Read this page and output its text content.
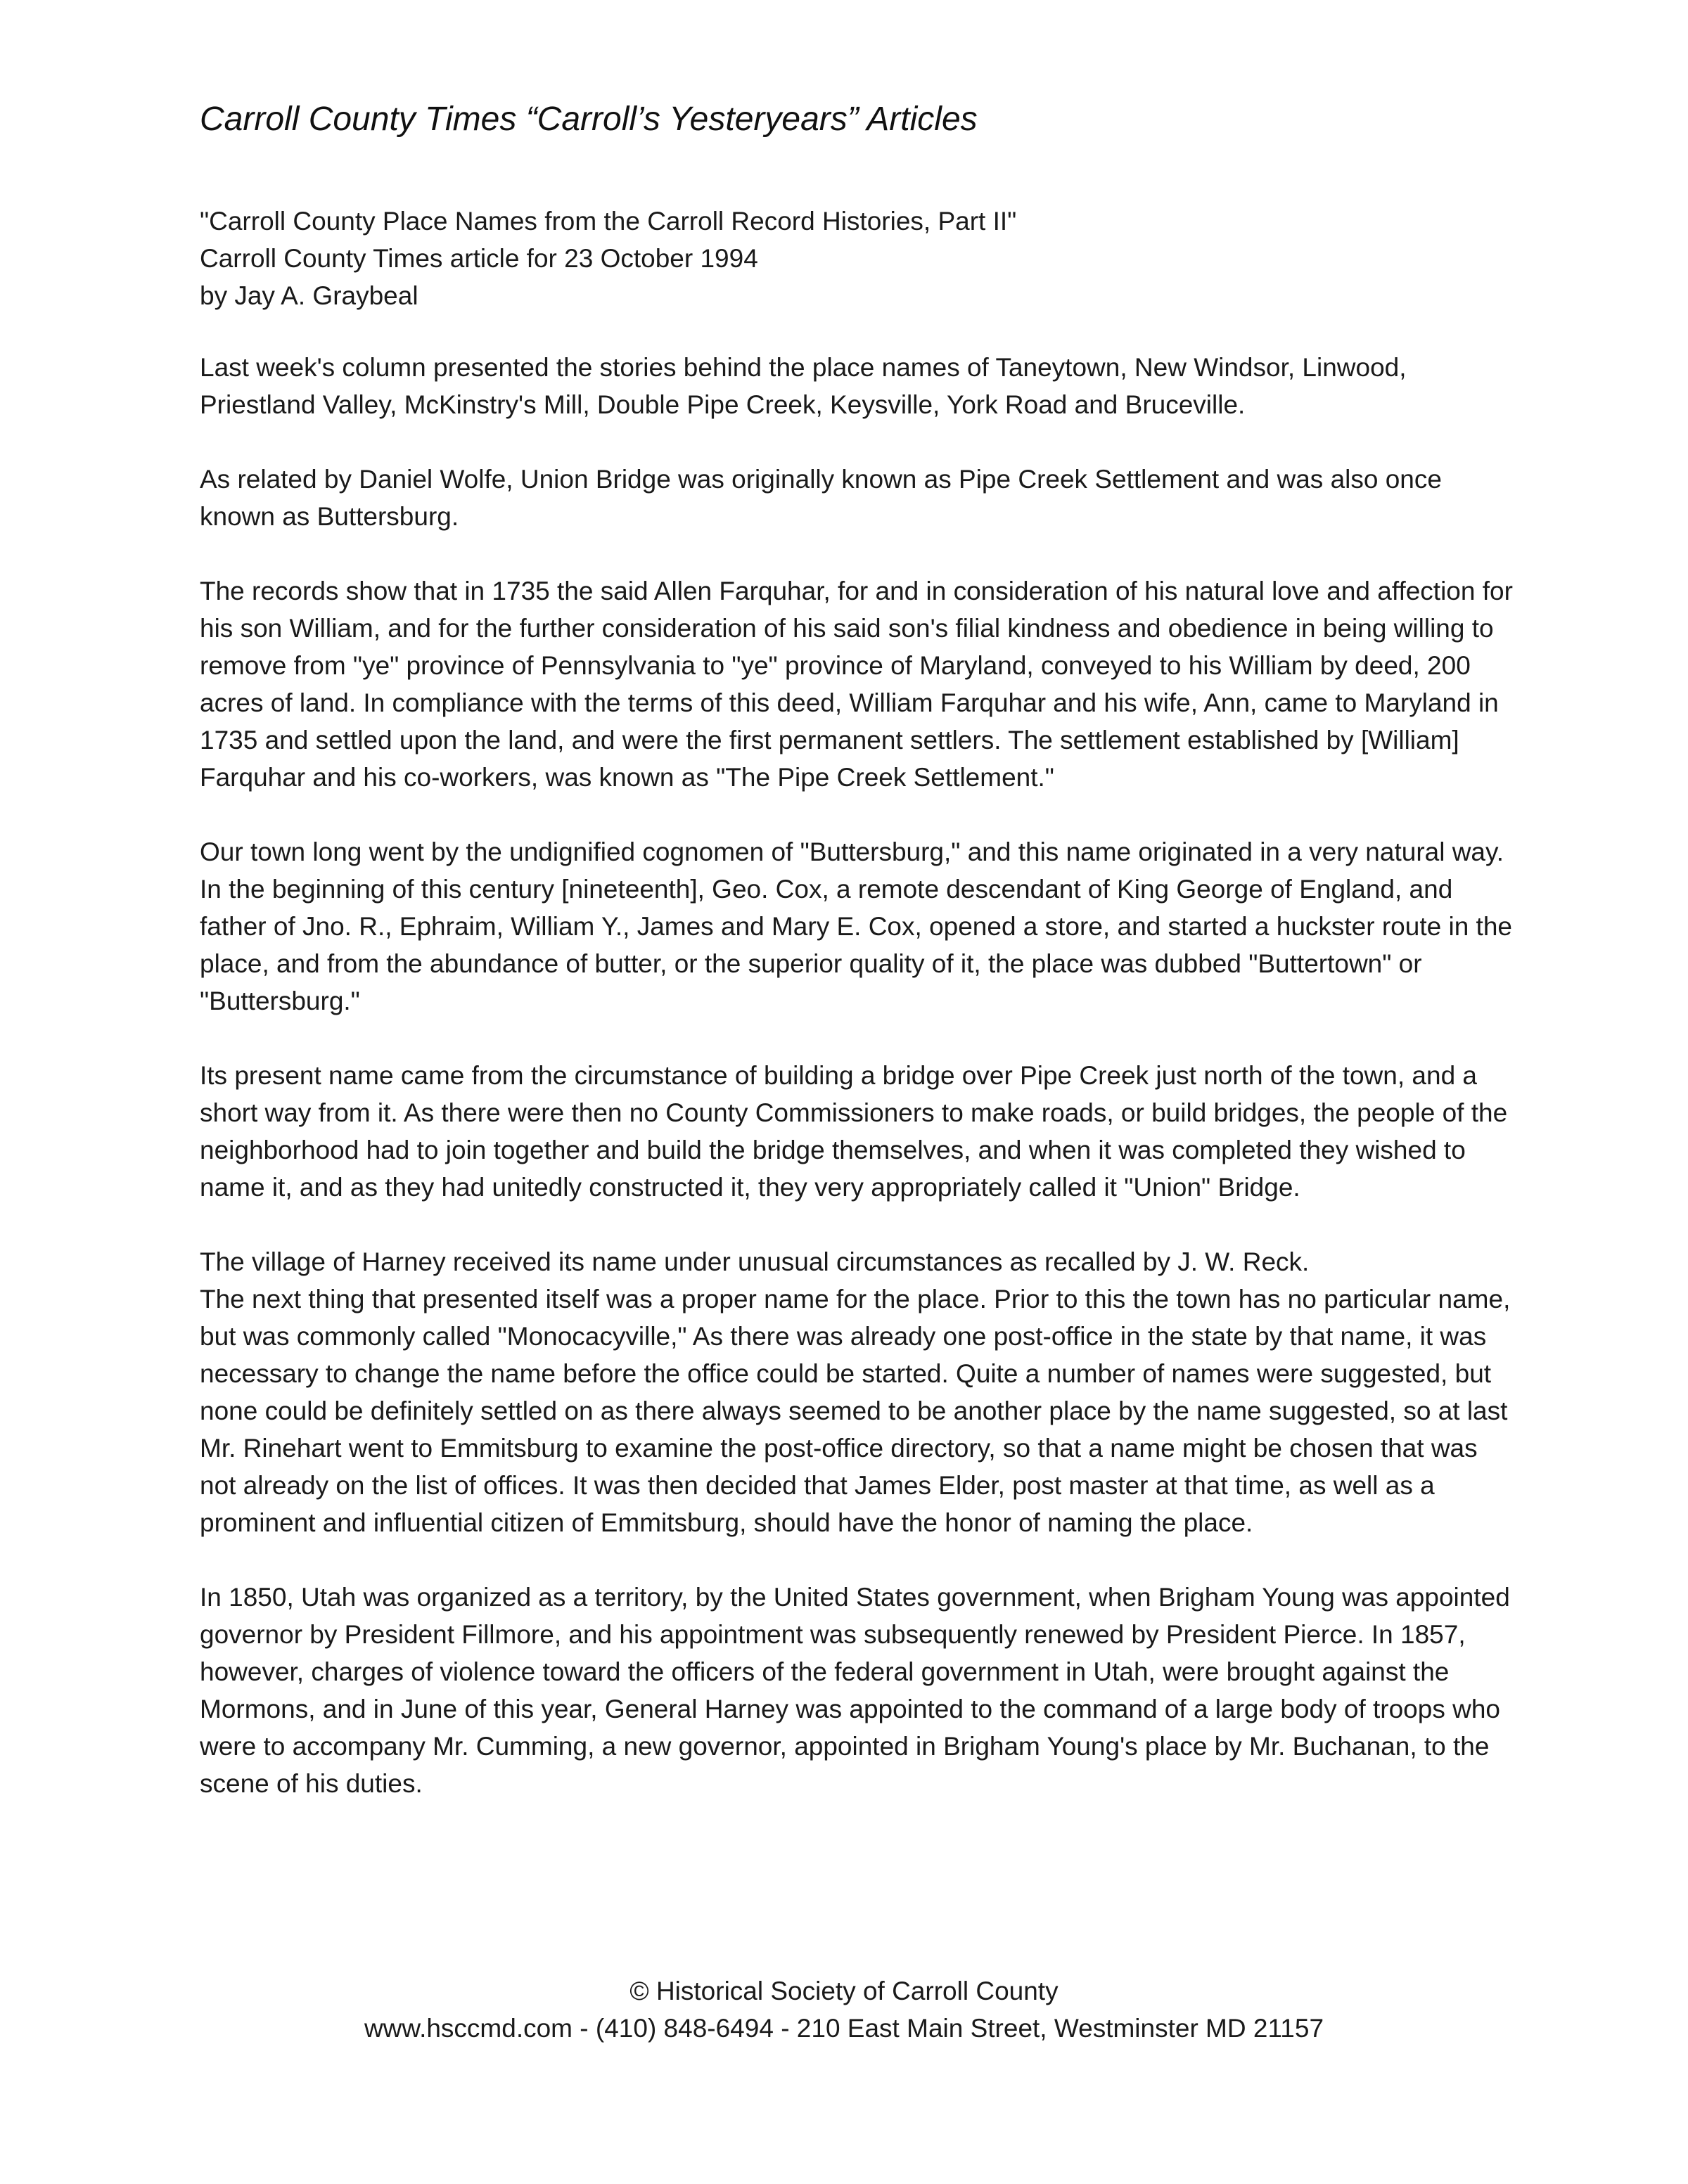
Carroll County Times “Carroll’s Yesteryears” Articles
"Carroll County Place Names from the Carroll Record Histories, Part II"
Carroll County Times article for 23 October 1994
by Jay A. Graybeal

Last week's column presented the stories behind the place names of Taneytown, New Windsor, Linwood, Priestland Valley, McKinstry's Mill, Double Pipe Creek, Keysville, York Road and Bruceville.

As related by Daniel Wolfe, Union Bridge was originally known as Pipe Creek Settlement and was also once known as Buttersburg.

The records show that in 1735 the said Allen Farquhar, for and in consideration of his natural love and affection for his son William, and for the further consideration of his said son's filial kindness and obedience in being willing to remove from "ye" province of Pennsylvania to "ye" province of Maryland, conveyed to his William by deed, 200 acres of land. In compliance with the terms of this deed, William Farquhar and his wife, Ann, came to Maryland in 1735 and settled upon the land, and were the first permanent settlers. The settlement established by [William] Farquhar and his co-workers, was known as "The Pipe Creek Settlement."

Our town long went by the undignified cognomen of "Buttersburg," and this name originated in a very natural way. In the beginning of this century [nineteenth], Geo. Cox, a remote descendant of King George of England, and father of Jno. R., Ephraim, William Y., James and Mary E. Cox, opened a store, and started a huckster route in the place, and from the abundance of butter, or the superior quality of it, the place was dubbed "Buttertown" or "Buttersburg."

Its present name came from the circumstance of building a bridge over Pipe Creek just north of the town, and a short way from it. As there were then no County Commissioners to make roads, or build bridges, the people of the neighborhood had to join together and build the bridge themselves, and when it was completed they wished to name it, and as they had unitedly constructed it, they very appropriately called it "Union" Bridge.

The village of Harney received its name under unusual circumstances as recalled by J. W. Reck.

The next thing that presented itself was a proper name for the place. Prior to this the town has no particular name, but was commonly called "Monocacyville," As there was already one post-office in the state by that name, it was necessary to change the name before the office could be started. Quite a number of names were suggested, but none could be definitely settled on as there always seemed to be another place by the name suggested, so at last Mr. Rinehart went to Emmitsburg to examine the post-office directory, so that a name might be chosen that was not already on the list of offices. It was then decided that James Elder, post master at that time, as well as a prominent and influential citizen of Emmitsburg, should have the honor of naming the place.

In 1850, Utah was organized as a territory, by the United States government, when Brigham Young was appointed governor by President Fillmore, and his appointment was subsequently renewed by President Pierce. In 1857, however, charges of violence toward the officers of the federal government in Utah, were brought against the Mormons, and in June of this year, General Harney was appointed to the command of a large body of troops who were to accompany Mr. Cumming, a new governor, appointed in Brigham Young's place by Mr. Buchanan, to the scene of his duties.

© Historical Society of Carroll County
www.hsccmd.com - (410) 848-6494 - 210 East Main Street, Westminster MD 21157
